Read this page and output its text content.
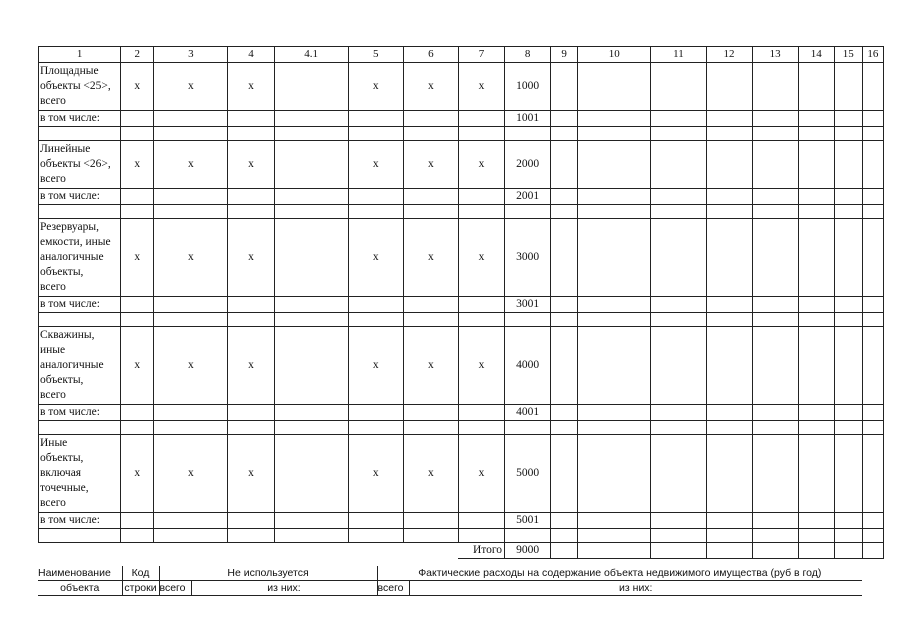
1	2	3	4	4.1	5	6	7	8	9	10	11	12	13	14	15	16

Площадные
объекты <25>,
всего	x	x	x		x	x	x	1000								
в том числе:								1001								

Линейные
объекты <26>,
всего	x	x	x		x	x	x	2000								
в том числе:								2001								

Резервуары,
емкости, иные
аналогичные
объекты,
всего	x	x	x		x	x	x	3000								
в том числе:								3001								

Скважины,
иные
аналогичные
объекты,
всего	x	x	x		x	x	x	4000								
в том числе:								4001								

Иные
объекты,
включая
точечные,
всего	x	x	x		x	x	x	5000								
в том числе:								5001								

							Итого	9000								
Наименование	Код	Не используется		Фактические расходы на содержание объекта недвижимого имущества (руб в год)	
объекта	строки	всего	из них:	всего	из них:
